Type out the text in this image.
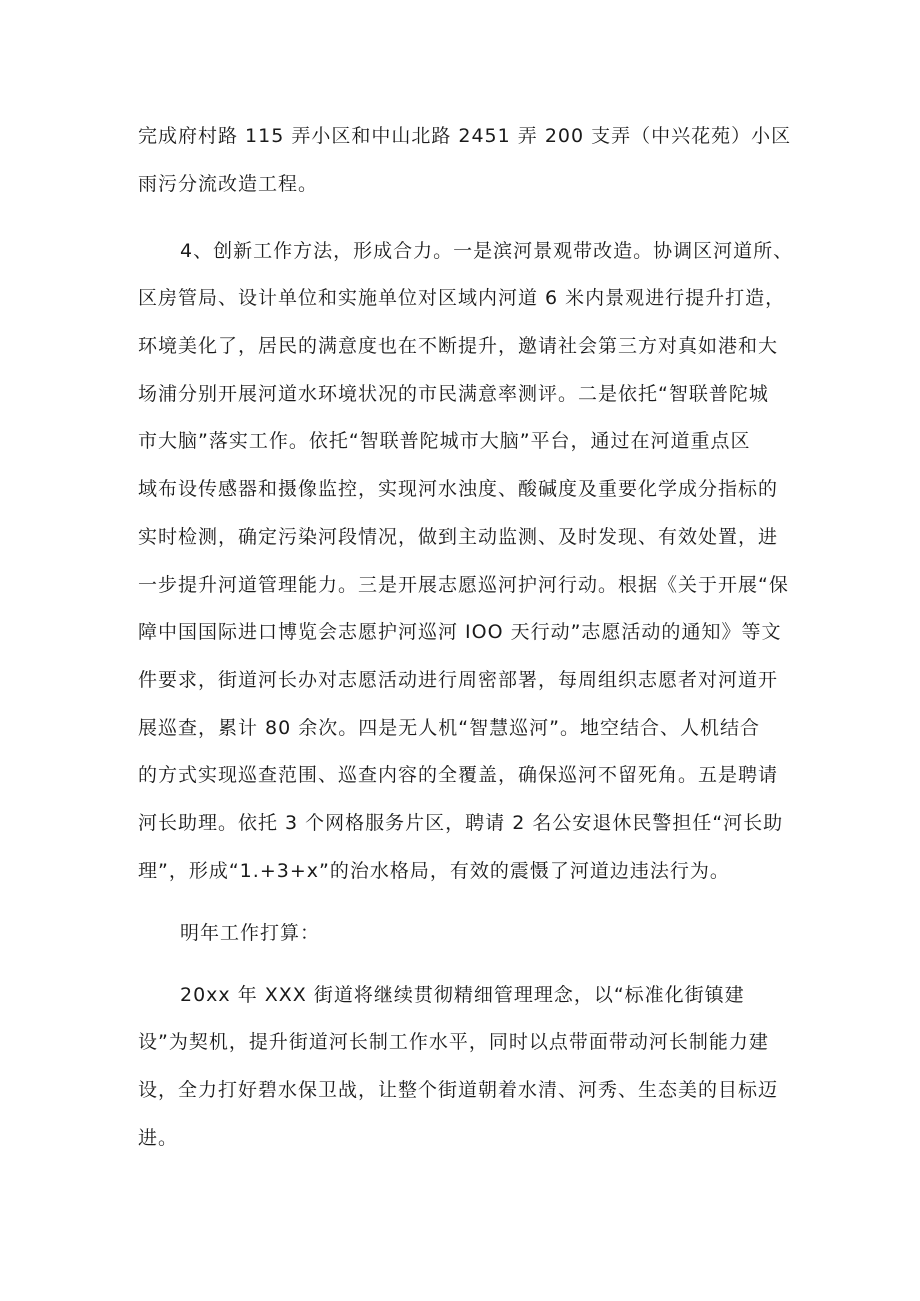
完成府村路 115 弄小区和中山北路 2451 弄 200 支弄（中兴花苑）小区
雨污分流改造工程。
4、创新工作方法，形成合力。一是滨河景观带改造。协调区河道所、
区房管局、设计单位和实施单位对区域内河道 6 米内景观进行提升打造，
环境美化了，居民的满意度也在不断提升，邀请社会第三方对真如港和大
场浦分别开展河道水环境状况的市民满意率测评。二是依托“智联普陀城
市大脑”落实工作。依托“智联普陀城市大脑”平台，通过在河道重点区
域布设传感器和摄像监控，实现河水浊度、酸碱度及重要化学成分指标的
实时检测，确定污染河段情况，做到主动监测、及时发现、有效处置，进
一步提升河道管理能力。三是开展志愿巡河护河行动。根据《关于开展“保
障中国国际进口博览会志愿护河巡河 IOO 天行动”志愿活动的通知》等文
件要求，街道河长办对志愿活动进行周密部署，每周组织志愿者对河道开
展巡查，累计 80 余次。四是无人机“智慧巡河”。地空结合、人机结合
的方式实现巡查范围、巡查内容的全覆盖，确保巡河不留死角。五是聘请
河长助理。依托 3 个网格服务片区，聘请 2 名公安退休民警担任“河长助
理”，形成“1.+3+x”的治水格局，有效的震慑了河道边违法行为。
明年工作打算：
20xx 年 XXX 街道将继续贯彻精细管理理念，以“标准化街镇建
设”为契机，提升街道河长制工作水平，同时以点带面带动河长制能力建
设，全力打好碧水保卫战，让整个街道朝着水清、河秀、生态美的目标迈
进。
